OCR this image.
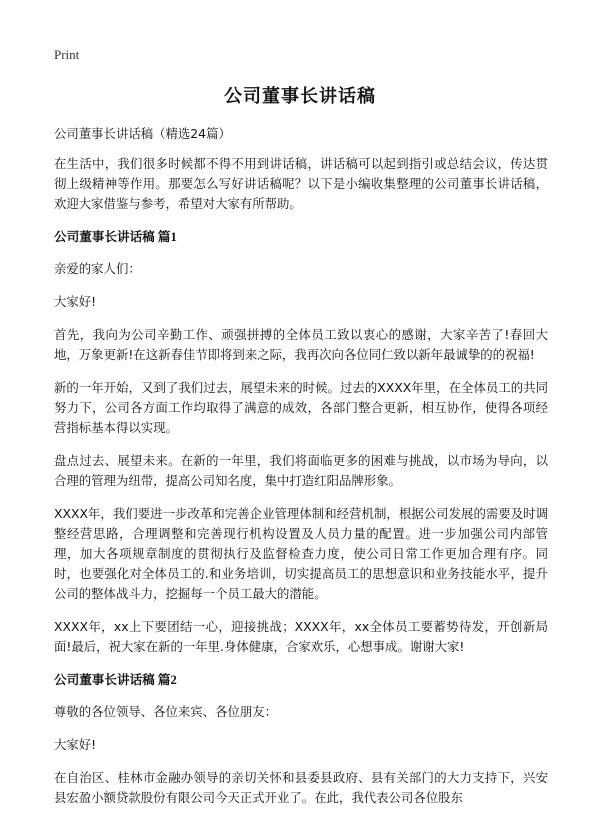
Print
公司董事长讲话稿

公司董事长讲话稿（精选24篇）

在生活中，我们很多时候都不得不用到讲话稿，讲话稿可以起到指引或总结会议，传达贯彻上级精神等作用。那要怎么写好讲话稿呢？以下是小编收集整理的公司董事长讲话稿，欢迎大家借鉴与参考，希望对大家有所帮助。

公司董事长讲话稿 篇1

亲爱的家人们：

大家好!

首先，我向为公司辛勤工作、顽强拼搏的全体员工致以衷心的感谢，大家辛苦了!春回大地，万象更新!在这新春佳节即将到来之际，我再次向各位同仁致以新年最诚挚的的祝福!

新的一年开始，又到了我们过去，展望未来的时候。过去的XXXX年里，在全体员工的共同努力下，公司各方面工作均取得了满意的成效，各部门整合更新，相互协作，使得各项经营指标基本得以实现。

盘点过去、展望未来。在新的一年里，我们将面临更多的困难与挑战，以市场为导向，以合理的管理为纽带，提高公司知名度，集中打造红阳品牌形象。

XXXX年，我们要进一步改革和完善企业管理体制和经营机制，根据公司发展的需要及时调整经营思路，合理调整和完善现行机构设置及人员力量的配置。进一步加强公司内部管理，加大各项规章制度的贯彻执行及监督检查力度，使公司日常工作更加合理有序。同时，也要强化对全体员工的.和业务培训，切实提高员工的思想意识和业务技能水平，提升公司的整体战斗力，挖掘每一个员工最大的潜能。

XXXX年，xx上下要团结一心，迎接挑战；XXXX年，xx全体员工要蓄势待发，开创新局面!最后，祝大家在新的一年里.身体健康，合家欢乐，心想事成。谢谢大家!

公司董事长讲话稿 篇2

尊敬的各位领导、各位来宾、各位朋友：

大家好!

在自治区、桂林市金融办领导的亲切关怀和县委县政府、县有关部门的大力支持下，兴安县宏盈小额贷款股份有限公司今天正式开业了。在此，我代表公司各位股东
